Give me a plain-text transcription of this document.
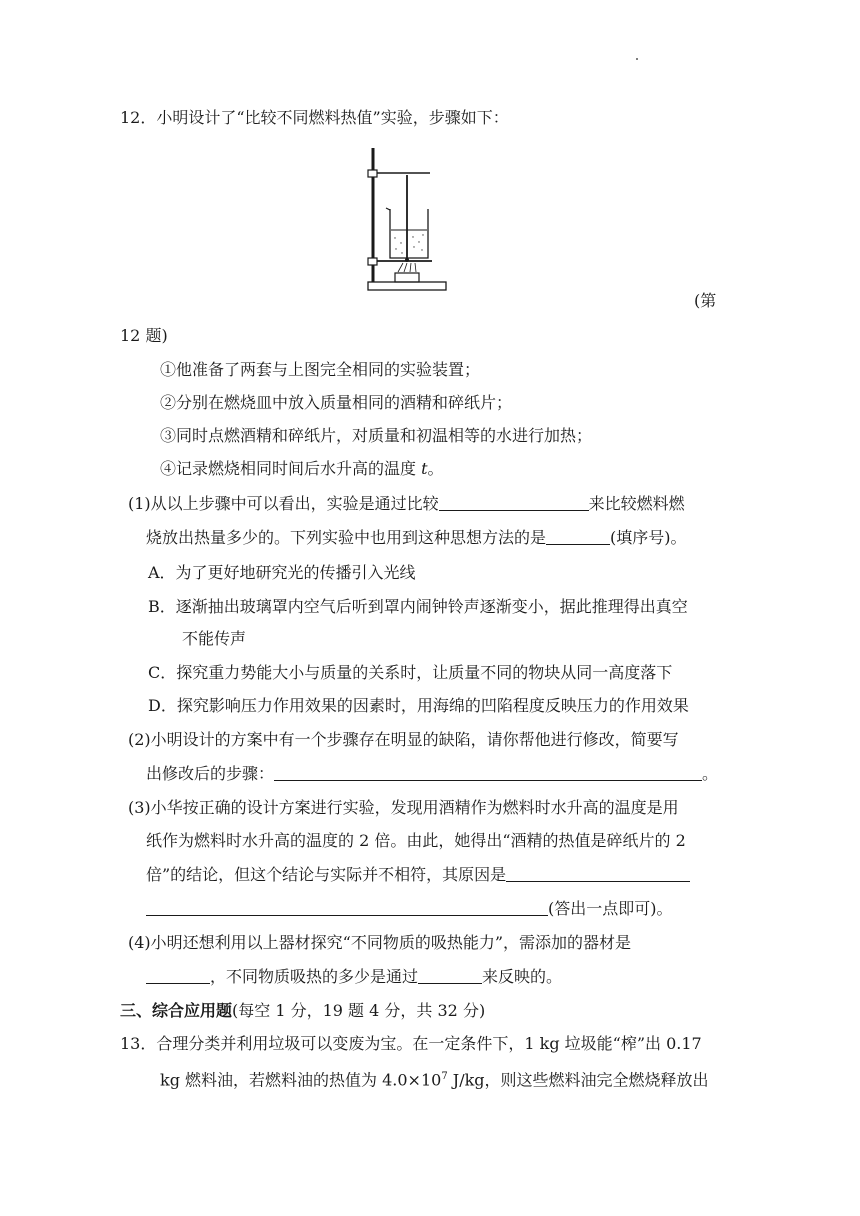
12．小明设计了“比较不同燃料热值”实验，步骤如下：
(第
12 题)
①他准备了两套与上图完全相同的实验装置；
②分别在燃烧皿中放入质量相同的酒精和碎纸片；
③同时点燃酒精和碎纸片，对质量和初温相等的水进行加热；
④记录燃烧相同时间后水升高的温度 t。
(1)从以上步骤中可以看出，实验是通过比较	来比较燃料燃
烧放出热量多少的。下列实验中也用到这种思想方法的是	(填序号)。
A．为了更好地研究光的传播引入光线
B．逐渐抽出玻璃罩内空气后听到罩内闹钟铃声逐渐变小，据此推理得出真空
不能传声
C．探究重力势能大小与质量的关系时，让质量不同的物块从同一高度落下
D．探究影响压力作用效果的因素时，用海绵的凹陷程度反映压力的作用效果
(2)小明设计的方案中有一个步骤存在明显的缺陷，请你帮他进行修改，简要写
出修改后的步骤：	。
(3)小华按正确的设计方案进行实验，发现用酒精作为燃料时水升高的温度是用
纸作为燃料时水升高的温度的 2 倍。由此，她得出“酒精的热值是碎纸片的 2
倍”的结论，但这个结论与实际并不相符，其原因是
(答出一点即可)。
(4)小明还想利用以上器材探究“不同物质的吸热能力”，需添加的器材是
，不同物质吸热的多少是通过	来反映的。
三、综合应用题(每空 1 分，19 题 4 分，共 32 分)
13．合理分类并利用垃圾可以变废为宝。在一定条件下，1 kg 垃圾能“榨”出 0.17
kg 燃料油，若燃料油的热值为 $4.0\times 10^7$ J/kg，则这些燃料油完全燃烧释放出
